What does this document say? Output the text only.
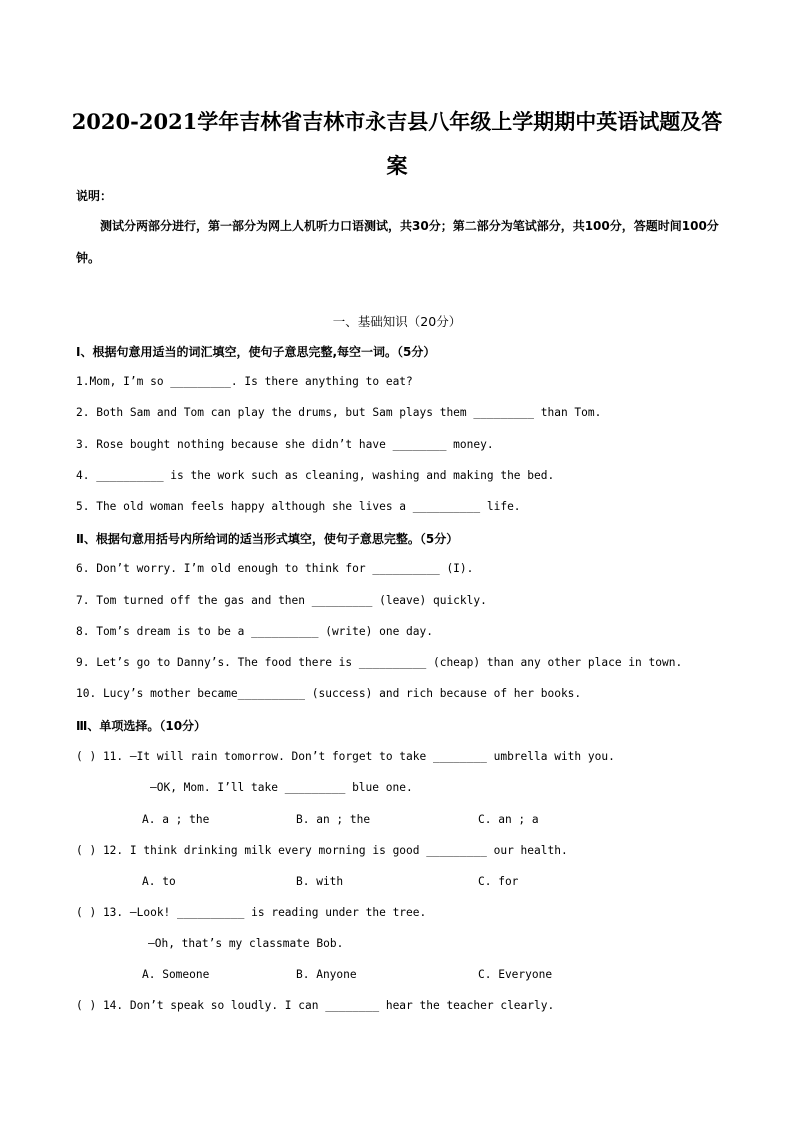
2020-2021学年吉林省吉林市永吉县八年级上学期期中英语试题及答
案
说明：
测试分两部分进行，第一部分为网上人机听力口语测试，共30分；第二部分为笔试部分，共100分，答题时间100分钟。
一、基础知识（20分）
Ⅰ、根据句意用适当的词汇填空，使句子意思完整,每空一词。（5分）
1.Mom, I’m so _________. Is there anything to eat?
2. Both Sam and Tom can play the drums, but Sam plays them _________ than Tom.
3. Rose bought nothing because she didn’t have ________ money.
4. __________ is the work such as cleaning, washing and making the bed.
5. The old woman feels happy although she lives a __________ life.
Ⅱ、根据句意用括号内所给词的适当形式填空，使句子意思完整。（5分）
6. Don’t worry. I’m old enough to think for __________ (I).
7. Tom turned off the gas and then _________ (leave) quickly.
8. Tom’s dream is to be a __________ (write) one day.
9. Let’s go to Danny’s. The food there is __________ (cheap) than any other place in town.
10. Lucy’s mother became__________ (success) and rich because of her books.
Ⅲ、单项选择。（10分）
( ) 11. —It will rain tomorrow. Don’t forget to take ________ umbrella with you.
—OK, Mom. I’ll take _________ blue one.
A. a ; the	B. an ; the	C. an ; a
( ) 12. I think drinking milk every morning is good _________ our health.
A. to	B. with	C. for
( ) 13. —Look! __________ is reading under the tree.
—Oh, that’s my classmate Bob.
A. Someone	B. Anyone	C. Everyone
( ) 14. Don’t speak so loudly. I can ________ hear the teacher clearly.
